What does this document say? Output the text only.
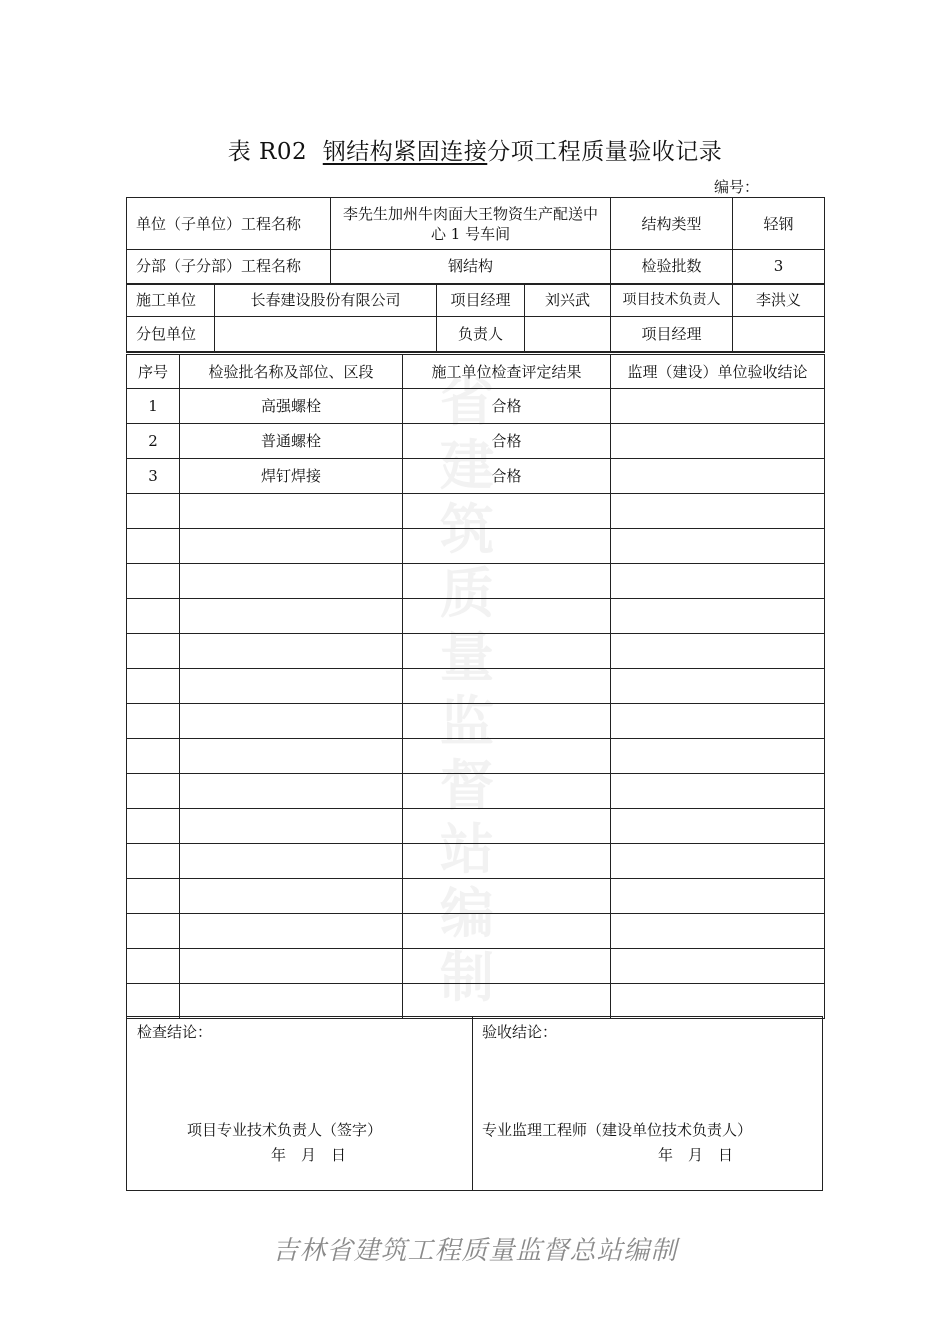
表 R02 钢结构紧固连接分项工程质量验收记录
编号：
省建筑质量监督站编制
单位（子单位）工程名称		李先生加州牛肉面大王物资生产配送中心 1 号车间			结构类型	轻钢
分部（子分部）工程名称		钢结构			检验批数	3
施工单位	长春建设股份有限公司		项目经理	刘兴武	项目技术负责人	李洪义
分包单位			负责人		项目经理	
序号	检验批名称及部位、区段	施工单位检查评定结果	监理（建设）单位验收结论
1	高强螺栓	合格	
2	普通螺栓	合格	
3	焊钉焊接	合格	

检查结论：
项目专业技术负责人（签字）
年　月　日
验收结论：
专业监理工程师（建设单位技术负责人）
年　月　日
吉林省建筑工程质量监督总站编制
